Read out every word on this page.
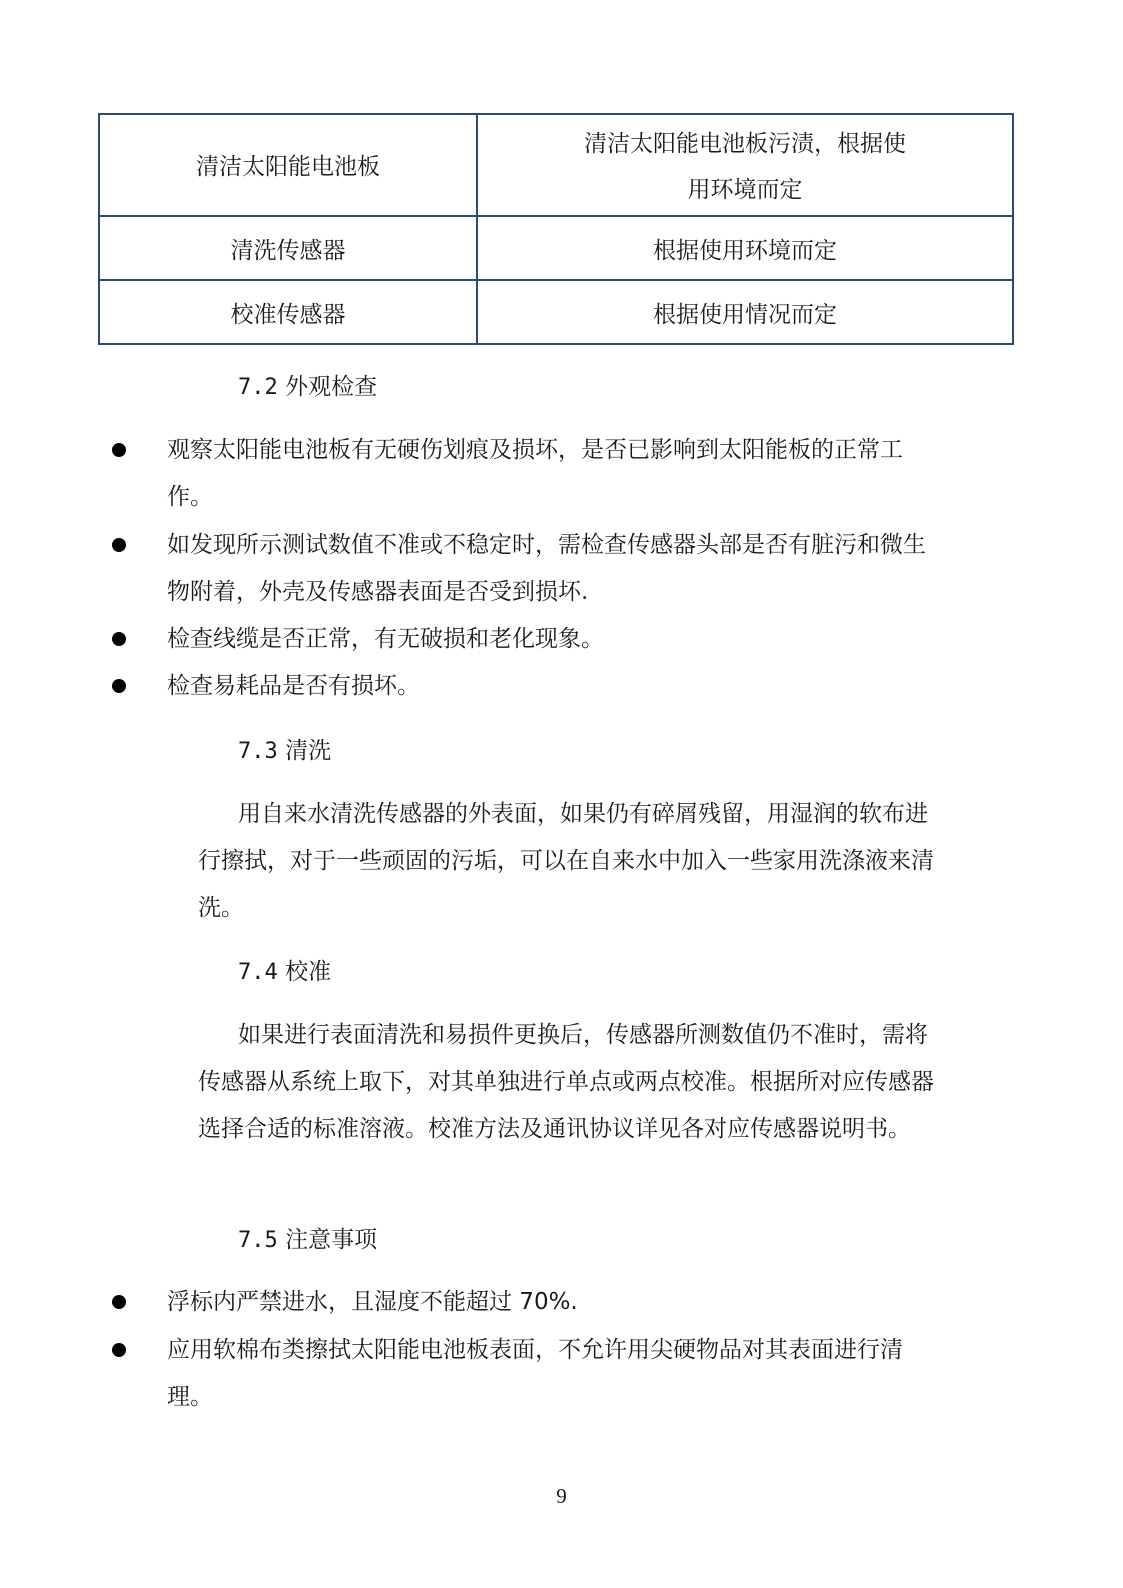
清洁太阳能电池板	清洁太阳能电池板污渍，根据使用环境而定

清洗传感器	根据使用环境而定
校准传感器	根据使用情况而定
7.2 外观检查
观察太阳能电池板有无硬伤划痕及损坏，是否已影响到太阳能板的正常工作。
如发现所示测试数值不准或不稳定时，需检查传感器头部是否有脏污和微生物附着，外壳及传感器表面是否受到损坏.
检查线缆是否正常，有无破损和老化现象。
检查易耗品是否有损坏。
7.3 清洗
用自来水清洗传感器的外表面，如果仍有碎屑残留，用湿润的软布进行擦拭，对于一些顽固的污垢，可以在自来水中加入一些家用洗涤液来清洗。
7.4 校准
如果进行表面清洗和易损件更换后，传感器所测数值仍不准时，需将传感器从系统上取下，对其单独进行单点或两点校准。根据所对应传感器选择合适的标准溶液。校准方法及通讯协议详见各对应传感器说明书。
7.5 注意事项
浮标内严禁进水，且湿度不能超过 70%.
应用软棉布类擦拭太阳能电池板表面，不允许用尖硬物品对其表面进行清理。
9
